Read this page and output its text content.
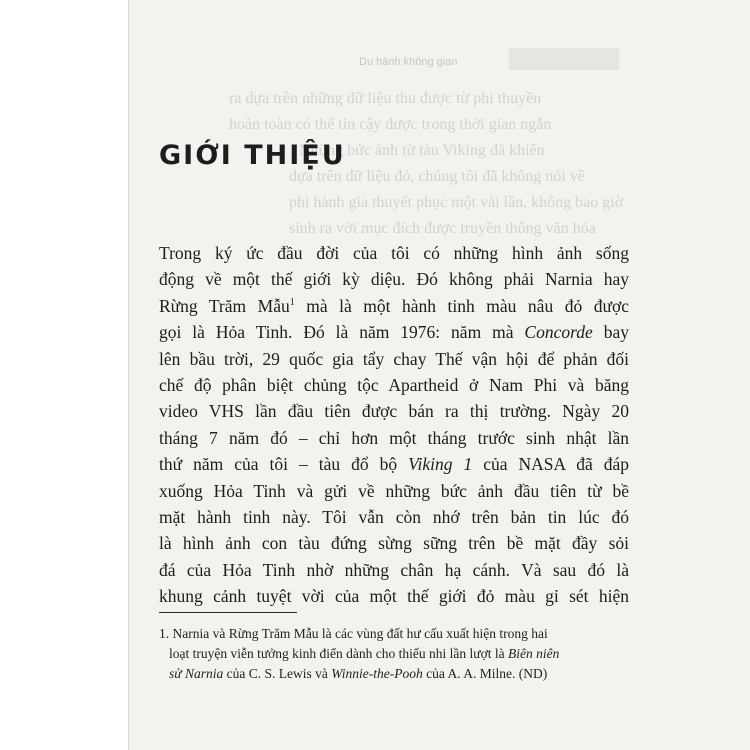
Du hành không gian
ra dựa trên những dữ liệu thu được từ phi thuyền
hoàn toàn có thể tin cậy được trong thời gian ngắn
Những bức ảnh từ tàu Viking đã khiến
dựa trên dữ liệu đó, chúng tôi đã không nói về
phi hành gia thuyết phục một vài lần, không bao giờ
sinh ra với mục đích được truyền thông văn hóa
GIỚI THIỆU
Trong ký ức đầu đời của tôi có những hình ảnh sống
động về một thế giới kỳ diệu. Đó không phải Narnia hay
Rừng Trăm Mẫu$^1$ mà là một hành tinh màu nâu đỏ được
gọi là Hỏa Tinh. Đó là năm 1976: năm mà Concorde bay
lên bầu trời, 29 quốc gia tẩy chay Thế vận hội để phản đối
chế độ phân biệt chủng tộc Apartheid ở Nam Phi và băng
video VHS lần đầu tiên được bán ra thị trường. Ngày 20
tháng 7 năm đó – chỉ hơn một tháng trước sinh nhật lần
thứ năm của tôi – tàu đổ bộ Viking 1 của NASA đã đáp
xuống Hỏa Tinh và gửi về những bức ảnh đầu tiên từ bề
mặt hành tinh này. Tôi vẫn còn nhớ trên bản tin lúc đó
là hình ảnh con tàu đứng sừng sững trên bề mặt đầy sỏi
đá của Hỏa Tinh nhờ những chân hạ cánh. Và sau đó là
khung cảnh tuyệt vời của một thế giới đỏ màu gỉ sét hiện
1. Narnia và Rừng Trăm Mẫu là các vùng đất hư cấu xuất hiện trong hai
loạt truyện viễn tưởng kinh điển dành cho thiếu nhi lần lượt là Biên niên
sử Narnia của C. S. Lewis và Winnie-the-Pooh của A. A. Milne. (ND)
